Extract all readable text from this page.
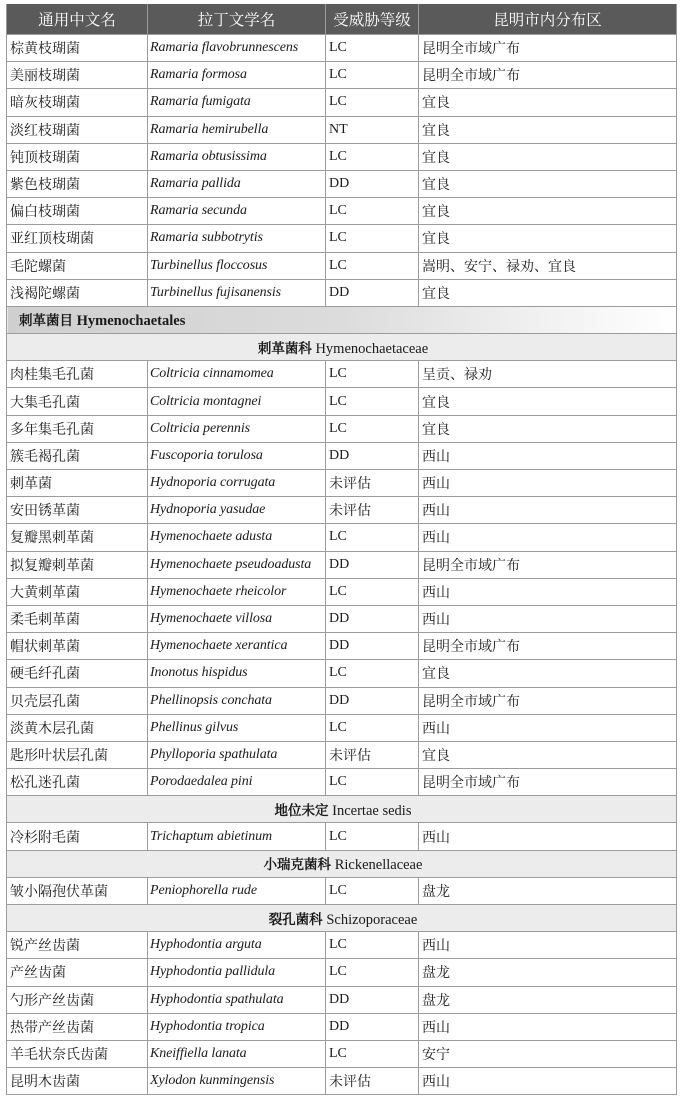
通用中文名	拉丁文学名	受威胁等级	昆明市内分布区
棕黄枝瑚菌	Ramaria flavobrunnescens	LC	昆明全市域广布
美丽枝瑚菌	Ramaria formosa	LC	昆明全市域广布
暗灰枝瑚菌	Ramaria fumigata	LC	宜良
淡红枝瑚菌	Ramaria hemirubella	NT	宜良
钝顶枝瑚菌	Ramaria obtusissima	LC	宜良
紫色枝瑚菌	Ramaria pallida	DD	宜良
偏白枝瑚菌	Ramaria secunda	LC	宜良
亚红顶枝瑚菌	Ramaria subbotrytis	LC	宜良
毛陀螺菌	Turbinellus floccosus	LC	嵩明、安宁、禄劝、宜良
浅褐陀螺菌	Turbinellus fujisanensis	DD	宜良
刺革菌目 Hymenochaetales			
刺革菌科 Hymenochaetaceae			
肉桂集毛孔菌	Coltricia cinnamomea	LC	呈贡、禄劝
大集毛孔菌	Coltricia montagnei	LC	宜良
多年集毛孔菌	Coltricia perennis	LC	宜良
簇毛褐孔菌	Fuscoporia torulosa	DD	西山
刺革菌	Hydnoporia corrugata	未评估	西山
安田锈革菌	Hydnoporia yasudae	未评估	西山
复瓣黑刺革菌	Hymenochaete adusta	LC	西山
拟复瓣刺革菌	Hymenochaete pseudoadusta	DD	昆明全市域广布
大黄刺革菌	Hymenochaete rheicolor	LC	西山
柔毛刺革菌	Hymenochaete villosa	DD	西山
帽状刺革菌	Hymenochaete xerantica	DD	昆明全市域广布
硬毛纤孔菌	Inonotus hispidus	LC	宜良
贝壳层孔菌	Phellinopsis conchata	DD	昆明全市域广布
淡黄木层孔菌	Phellinus gilvus	LC	西山
匙形叶状层孔菌	Phylloporia spathulata	未评估	宜良
松孔迷孔菌	Porodaedalea pini	LC	昆明全市域广布
地位未定 Incertae sedis			
冷杉附毛菌	Trichaptum abietinum	LC	西山
小瑞克菌科 Rickenellaceae			
皱小隔孢伏革菌	Peniophorella rude	LC	盘龙
裂孔菌科 Schizoporaceae			
锐产丝齿菌	Hyphodontia arguta	LC	西山
产丝齿菌	Hyphodontia pallidula	LC	盘龙
勺形产丝齿菌	Hyphodontia spathulata	DD	盘龙
热带产丝齿菌	Hyphodontia tropica	DD	西山
羊毛状奈氏齿菌	Kneiffiella lanata	LC	安宁
昆明木齿菌	Xylodon kunmingensis	未评估	西山
